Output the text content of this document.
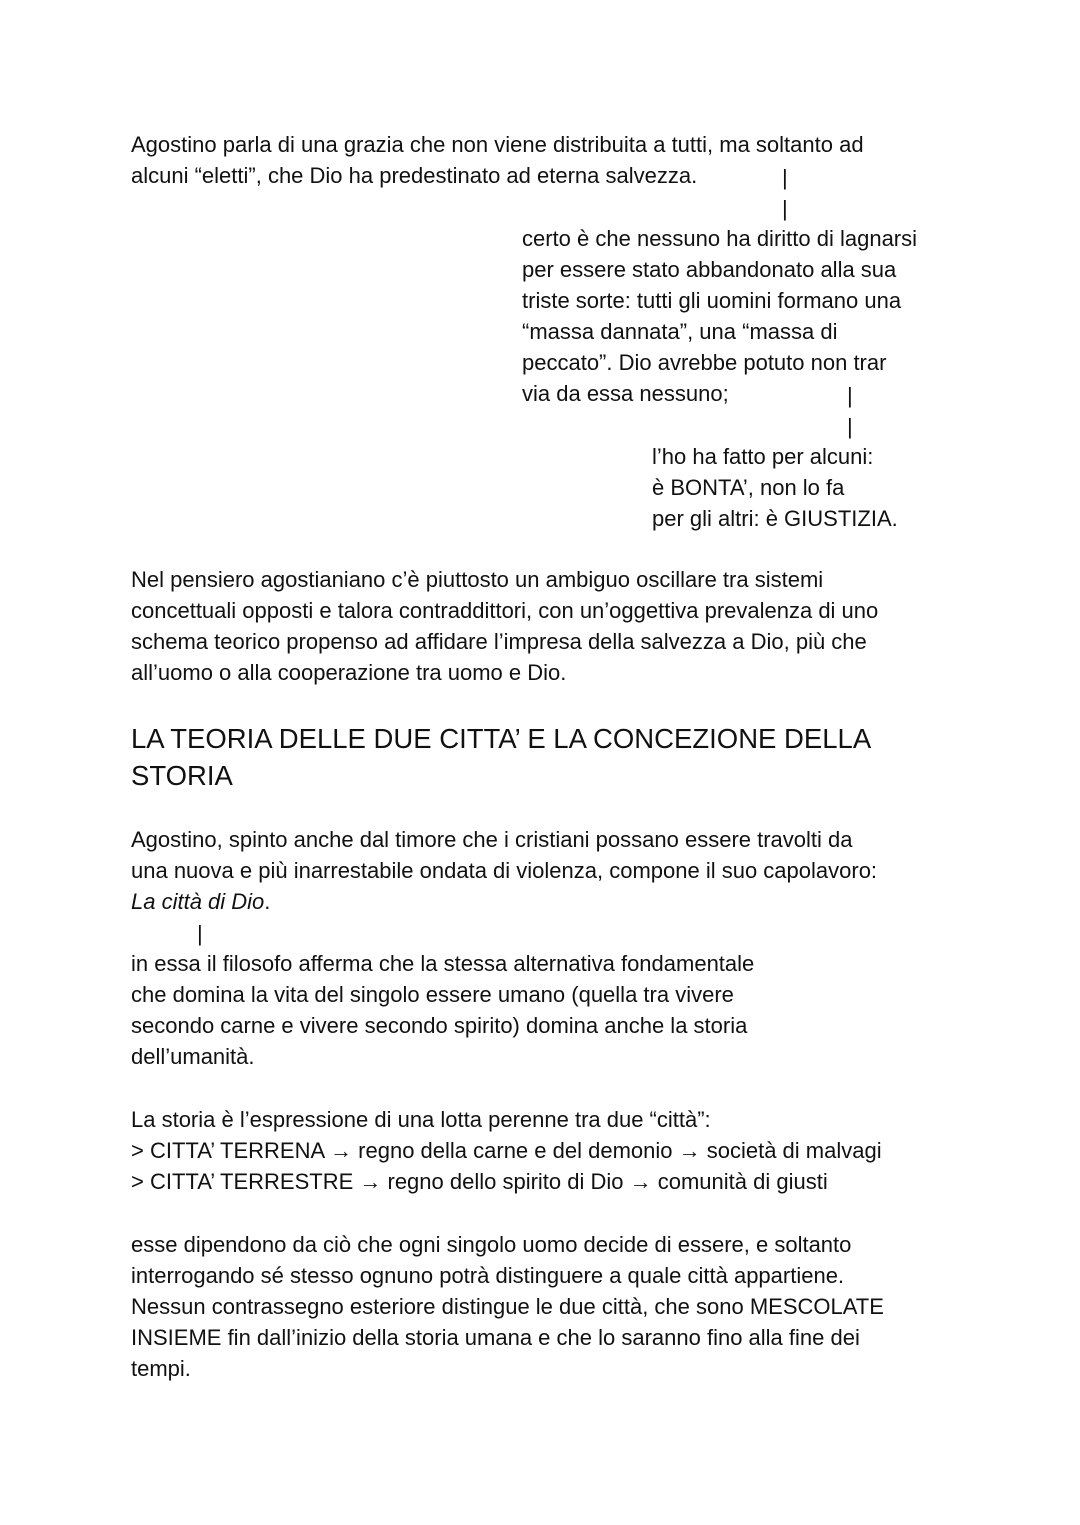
Agostino parla di una grazia che non viene distribuita a tutti, ma soltanto ad

alcuni “eletti”, che Dio ha predestinato ad eterna salvezza.	|
|

certo è che nessuno ha diritto di lagnarsi

per essere stato abbandonato alla sua

triste sorte: tutti gli uomini formano una

“massa dannata”, una “massa di

peccato”. Dio avrebbe potuto non trar

via da essa nessuno;	|
|

l’ho ha fatto per alcuni:

è BONTA’, non lo fa

per gli altri: è GIUSTIZIA.

Nel pensiero agostianiano c’è piuttosto un ambiguo oscillare tra sistemi

concettuali opposti e talora contraddittori, con un’oggettiva prevalenza di uno

schema teorico propenso ad affidare l’impresa della salvezza a Dio, più che

all’uomo o alla cooperazione tra uomo e Dio.

LA TEORIA DELLE DUE CITTA’ E LA CONCEZIONE DELLA STORIA

Agostino, spinto anche dal timore che i cristiani possano essere travolti da

una nuova e più inarrestabile ondata di violenza, compone il suo capolavoro:

La città di Dio.

|

in essa il filosofo afferma che la stessa alternativa fondamentale

che domina la vita del singolo essere umano (quella tra vivere

secondo carne e vivere secondo spirito) domina anche la storia

dell’umanità.

La storia è l’espressione di una lotta perenne tra due “città”:

> CITTA’ TERRENA → regno della carne e del demonio → società di malvagi

> CITTA’ TERRESTRE → regno dello spirito di Dio → comunità di giusti

esse dipendono da ciò che ogni singolo uomo decide di essere, e soltanto

interrogando sé stesso ognuno potrà distinguere a quale città appartiene.

Nessun contrassegno esteriore distingue le due città, che sono MESCOLATE

INSIEME fin dall’inizio della storia umana e che lo saranno fino alla fine dei

tempi.
